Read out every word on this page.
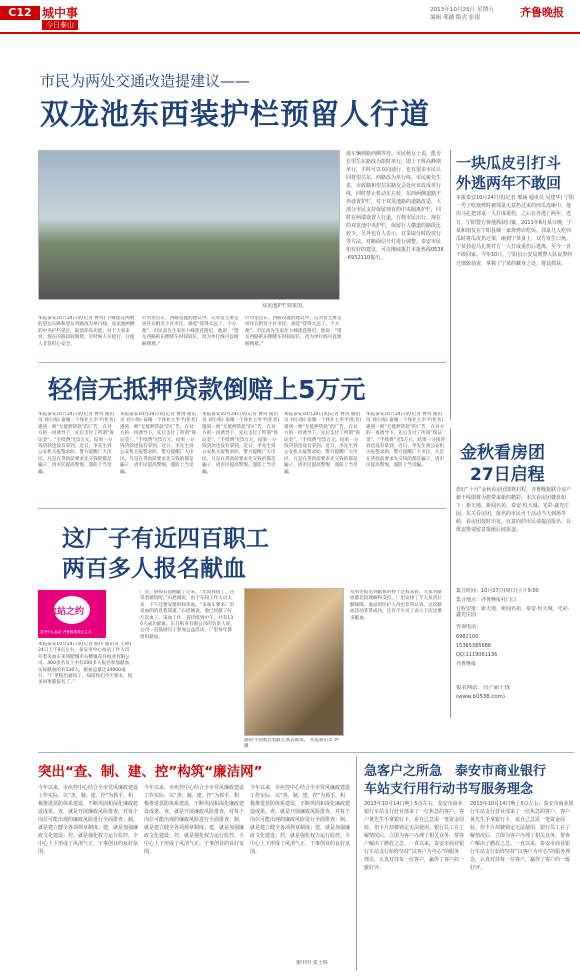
C12 城中事
今日泰山
2013年10月25日 星期五
编辑 邢涵 版式 张锟	齐鲁晚报
市民为两处交通改造提建议——
双龙池东西装护栏预留人行道
双龙池护栏效果图。
本报泰安10月24日讯(记者 曹剑) 卜蜂莲花两侧的望岳东路和望岳西路改为单行线，双龙池两侧的中央护栏延长，取消环岛功能。对于大家来说，现在的路段较拥堵，有时候人车抢行，这使人非常担心安全。
针对望岳东、西路设置的建议中，反对者主要是居住在附近小区市民，感觉“绕得太远了，不方便”。市民高先生家住卜蜂莲花附近，他说：“望岳西路的东侧堵车时间较长，改为单行线可以缓解拥堵。”
针对望岳东、西路设置的建议中，反对者主要是居住在附近小区市民，感觉“绕得太远了，不方便”。市民高先生家住卜蜂莲花附近，他说：“望岳西路的东侧堵车时间较长，改为单行线可以缓解拥堵。”
地车辆则路西侧等待。市民杨女士说，能否在望岳东路改为限时单行，即上下班高峰期单行，平时可以双向通行。也有很多市民认同将望岳东、西路改为单行线。市民姚先生说，市政路和望岳东路交会处应该改成单行线，同时禁止机动车左转，东西两侧道路不再设置护栏。对于双龙池路的道路改造，大部分市民支持保留现有的中央隔离护栏，同时在两端设置人行道，方便市民出行。现在的双龙池中央护栏，保留行人横道的路段比较少。另外也有人表示，宜采取分时段放行等方法，对路面信号灯进行调整。泰安市民如有好的建议，可以继续拨打本报热线0538-6932110提出。
一块瓜皮引打斗
外逃两年不敢回
本报泰安10月24日讯(记者 邢涵 通讯员 吴建华) 宁阳一男子吃烧烤时被邻桌无意扔过来的西瓜皮砸中，他用马扎把邻桌一人打成重伤，之后在外逃亡两年，近日，宁阳警方将他抓获归案。2011年6月某日晚，宁某和朋友在宁阳县城一家烧烤店吃饭。邻桌几人吃西瓜时将瓜皮扔过来，砸到宁某身上，双方发生口角，宁某抄起马扎将对方一人打成重伤后逃离，至今一直不敢回家。今年10月，宁阳县公安局刑警大队民警经过细致侦查，掌握了宁某的藏身之处，将其抓获。
轻信无抵押贷款倒赔上5万元
本报泰安10月24日讯(记者 曹剑 通讯员 刘小海) 泰城一个体业主李平(化名)遇到一则“无抵押贷款”的广告，在对方的一再诱导下，先后支付了所谓“保证金”、“手续费”近5万元，结果一分钱贷款也没有拿到。近日，李先生到公安机关报警求助，警方提醒广大市民，凡是在贷款前要求先交钱的都是骗子，请市民提高警惕，谨防上当受骗。
本报泰安10月24日讯(记者 曹剑 通讯员 刘小海) 泰城一个体业主李平(化名)遇到一则“无抵押贷款”的广告，在对方的一再诱导下，先后支付了所谓“保证金”、“手续费”近5万元，结果一分钱贷款也没有拿到。近日，李先生到公安机关报警求助，警方提醒广大市民，凡是在贷款前要求先交钱的都是骗子，请市民提高警惕，谨防上当受骗。
本报泰安10月24日讯(记者 曹剑 通讯员 刘小海) 泰城一个体业主李平(化名)遇到一则“无抵押贷款”的广告，在对方的一再诱导下，先后支付了所谓“保证金”、“手续费”近5万元，结果一分钱贷款也没有拿到。近日，李先生到公安机关报警求助，警方提醒广大市民，凡是在贷款前要求先交钱的都是骗子，请市民提高警惕，谨防上当受骗。
本报泰安10月24日讯(记者 曹剑 通讯员 刘小海) 泰城一个体业主李平(化名)遇到一则“无抵押贷款”的广告，在对方的一再诱导下，先后支付了所谓“保证金”、“手续费”近5万元，结果一分钱贷款也没有拿到。近日，李先生到公安机关报警求助，警方提醒广大市民，凡是在贷款前要求先交钱的都是骗子，请市民提高警惕，谨防上当受骗。
本报泰安10月24日讯(记者 曹剑 通讯员 刘小海) 泰城一个体业主李平(化名)遇到一则“无抵押贷款”的广告，在对方的一再诱导下，先后支付了所谓“保证金”、“手续费”近5万元，结果一分钱贷款也没有拿到。近日，李先生到公安机关报警求助，警方提醒广大市民，凡是在贷款前要求先交钱的都是骗子，请市民提高警惕，谨防上当受骗。
金秋看房团
27日启程
您好“十月”金秋看房团即将启程，齐鲁晚报联合房产新干线即将为您带来新的精彩。本次看房团楼盘如下：新天地、新闻名苑、泰安·恒大城、光彩·鑫光庄园、东关看房团，报名的市民可于活动当天到场等候，看房团按时出发。有意向的市民请提前报名，具体安排请留意报纸后续报道。
集合时间：10月27日(周日)上午9:00
集合地点：齐鲁晚报社门口
行程安排：新天地、新闻名苑、泰安·恒大城、光彩·鑫光庄园
咨询电话：
6982100
15365385688
QQ:1119061136
齐鲁晚报
报名网站：房产新干线
(www.b0538.com)
这厂子有近四百职工
两百多人报名献血
血站之约
泰安中心血站·齐鲁晚报联合主办
本报泰安10月24日讯(记者 路伟 通讯员 王婷) 24日上午9点左右，泰安市中心血站工作人员开着采血车来到肥城市石横镇东升纸业有限公司。400多名员工中有200多人报名参加献血，实际献血的有130人，献血总量达34000毫升。“厂里贴出通知了，知道你们今天要来，很多同事都报名了。”
厂里，厨师石恩刚献了过来，“光说我捐了，还等着做饭呢。”石恩刚说，由于车间工作人员太多，下午还要安排时间采血。“采血车要来厂里采血的消息我知道。”石恩刚说，他已经献了好几次血了。采血工作一直持续到中午，共有130人成功献血。东升纸业有限公司的负责人说，公司一直鼓励员工参加公益活动，厂里每年都组织献血。
副词今冒刚急着献完血去做饭。 本报通讯员 婷 摄
从单位报名到献血的整个过程来看，大家对献血都比较理解和支持。厂里安排了专人负责后勤保障，血站的医护人员也非常认真。这次献血活动非常成功，还有不少员工表示下次还要来献血。
突出“查、制、建、控”构筑“廉洁网”
今年以来，市疾控中心结合全市党风廉政建设工作实际，以“查、制、建、控”为抓手，积极推进惩防体系建设，不断巩固和深化廉政建设成果。查，就是开展廉政风险排查，对每个岗位可能出现的廉政风险进行全面排查；制，就是建立健全各项规章制度；建，就是加强廉政文化建设；控，就是强化权力运行监控。全中心上下形成了风清气正、干事创业的良好氛围。
今年以来，市疾控中心结合全市党风廉政建设工作实际，以“查、制、建、控”为抓手，积极推进惩防体系建设，不断巩固和深化廉政建设成果。查，就是开展廉政风险排查，对每个岗位可能出现的廉政风险进行全面排查；制，就是建立健全各项规章制度；建，就是加强廉政文化建设；控，就是强化权力运行监控。全中心上下形成了风清气正、干事创业的良好氛围。
今年以来，市疾控中心结合全市党风廉政建设工作实际，以“查、制、建、控”为抓手，积极推进惩防体系建设，不断巩固和深化廉政建设成果。查，就是开展廉政风险排查，对每个岗位可能出现的廉政风险进行全面排查；制，就是建立健全各项规章制度；建，就是加强廉政文化建设；控，就是强化权力运行监控。全中心上下形成了风清气正、干事创业的良好氛围。
栗中田 张士林
急客户之所急　泰安市商业银行
车站支行用行动书写服务理念
2013年10月14日晚上5点左右，泰安市商业银行车站支行营业部来了一位焦急的客户。客户黄先生手拿银行卡，说自己急需一笔资金周转，但卡片却被锁定无法使用。银行员工在了解情况后，立即为客户办理了相关业务，帮客户解决了燃眉之急。一直以来，泰安市商业银行车站支行始终坚持“以客户为中心”的服务理念，认真对待每一位客户，赢得了客户的一致好评。
2013年10月14日晚上5点左右，泰安市商业银行车站支行营业部来了一位焦急的客户。客户黄先生手拿银行卡，说自己急需一笔资金周转，但卡片却被锁定无法使用。银行员工在了解情况后，立即为客户办理了相关业务，帮客户解决了燃眉之急。一直以来，泰安市商业银行车站支行始终坚持“以客户为中心”的服务理念，认真对待每一位客户，赢得了客户的一致好评。
